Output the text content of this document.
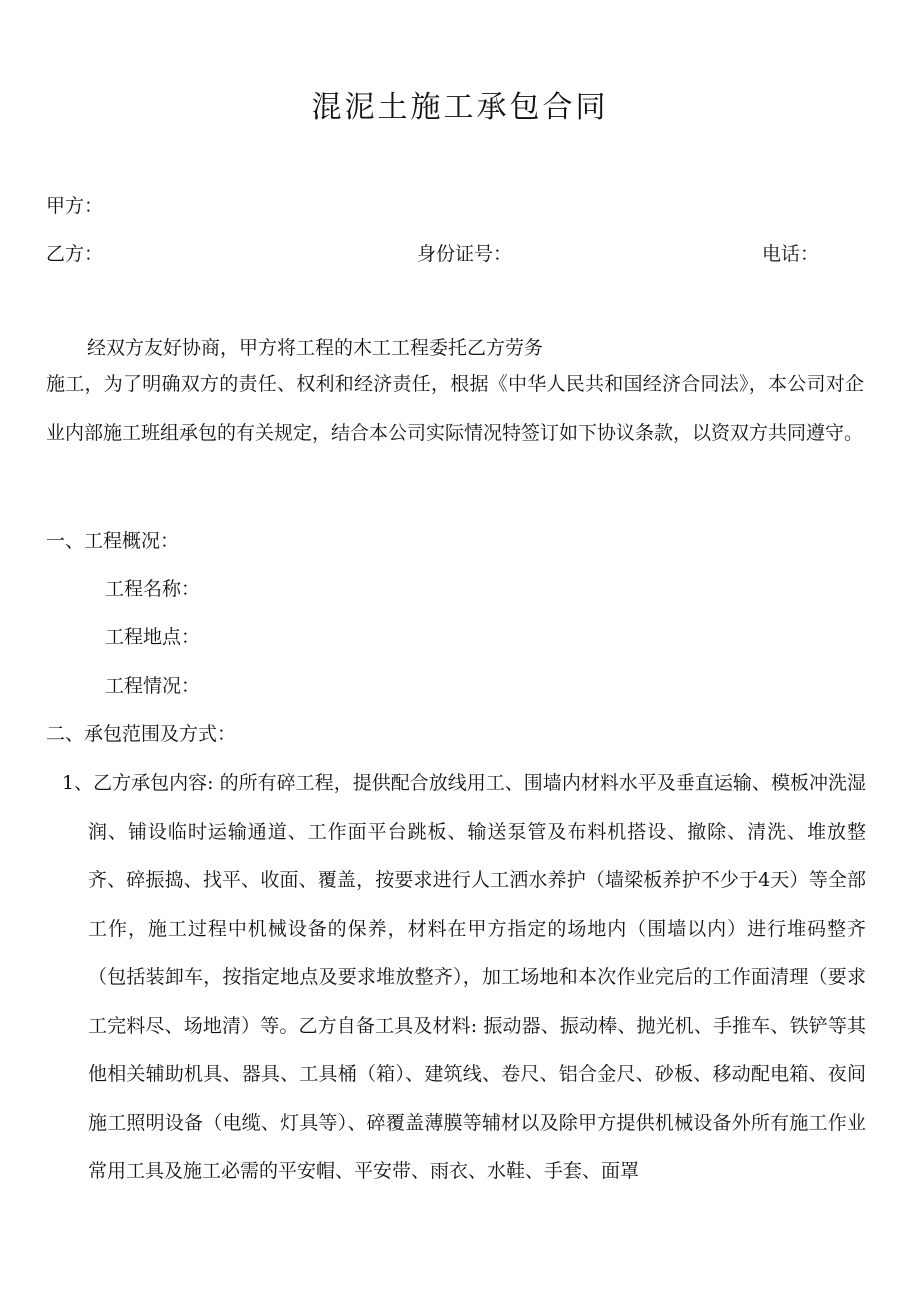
混泥土施工承包合同
甲方：
乙方：	身份证号：	电话：
经双方友好协商，甲方将工程的木工工程委托乙方劳务
施工，为了明确双方的责任、权利和经济责任，根据《中华人民共和国经济合同法》，本公司对企业内部施工班组承包的有关规定，结合本公司实际情况特签订如下协议条款，以资双方共同遵守。
一、工程概况：
工程名称：
工程地点：
工程情况：
二、承包范围及方式：
1、乙方承包内容: 的所有碎工程，提供配合放线用工、围墙内材料水平及垂直运输、模板冲洗湿润、铺设临时运输通道、工作面平台跳板、输送泵管及布料机搭设、撤除、清洗、堆放整齐、碎振捣、找平、收面、覆盖，按要求进行人工洒水养护（墙梁板养护不少于4天）等全部工作，施工过程中机械设备的保养，材料在甲方指定的场地内（围墙以内）进行堆码整齐（包括装卸车，按指定地点及要求堆放整齐），加工场地和本次作业完后的工作面清理（要求工完料尽、场地清）等。乙方自备工具及材料: 振动器、振动棒、抛光机、手推车、铁铲等其他相关辅助机具、器具、工具桶（箱）、建筑线、卷尺、铝合金尺、砂板、移动配电箱、夜间施工照明设备（电缆、灯具等）、碎覆盖薄膜等辅材以及除甲方提供机械设备外所有施工作业常用工具及施工必需的平安帽、平安带、雨衣、水鞋、手套、面罩
